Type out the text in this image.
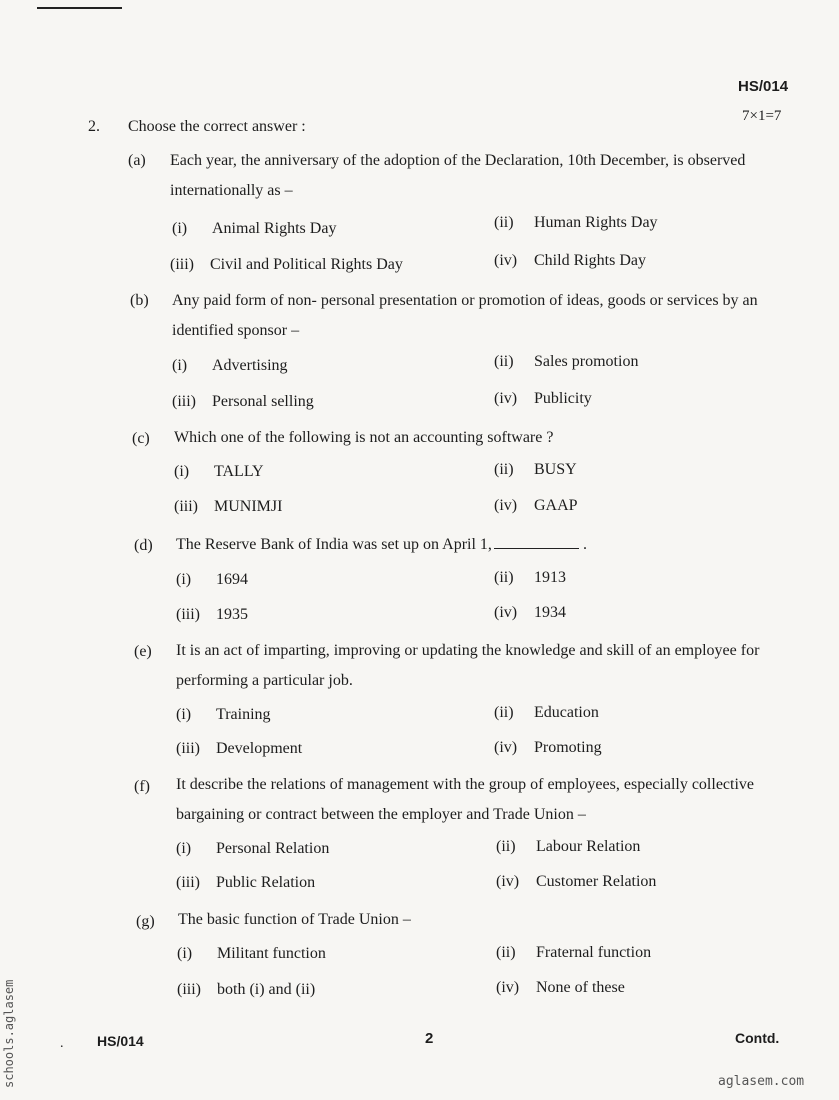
HS/014
7×1=7
2. Choose the correct answer :
(a) Each year, the anniversary of the adoption of the Declaration, 10th December, is observed internationally as –
(i) Animal Rights Day	(ii) Human Rights Day
(iii) Civil and Political Rights Day	(iv) Child Rights Day
(b) Any paid form of non- personal presentation or promotion of ideas, goods or services by an identified sponsor –
(i) Advertising	(ii) Sales promotion
(iii) Personal selling	(iv) Publicity
(c) Which one of the following is not an accounting software ?
(i) TALLY	(ii) BUSY
(iii) MUNIMJI	(iv) GAAP
(d) The Reserve Bank of India was set up on April 1,	.
(i) 1694	(ii) 1913
(iii) 1935	(iv) 1934
(e) It is an act of imparting, improving or updating the knowledge and skill of an employee for performing a particular job.
(i) Training	(ii) Education
(iii) Development	(iv) Promoting
(f) It describe the relations of management with the group of employees, especially collective bargaining or contract between the employer and Trade Union –
(i) Personal Relation	(ii) Labour Relation
(iii) Public Relation	(iv) Customer Relation
(g) The basic function of Trade Union –
(i) Militant function	(ii) Fraternal function
(iii) both (i) and (ii)	(iv) None of these
. HS/014	2	Contd.
schools.aglasem	aglasem.com
